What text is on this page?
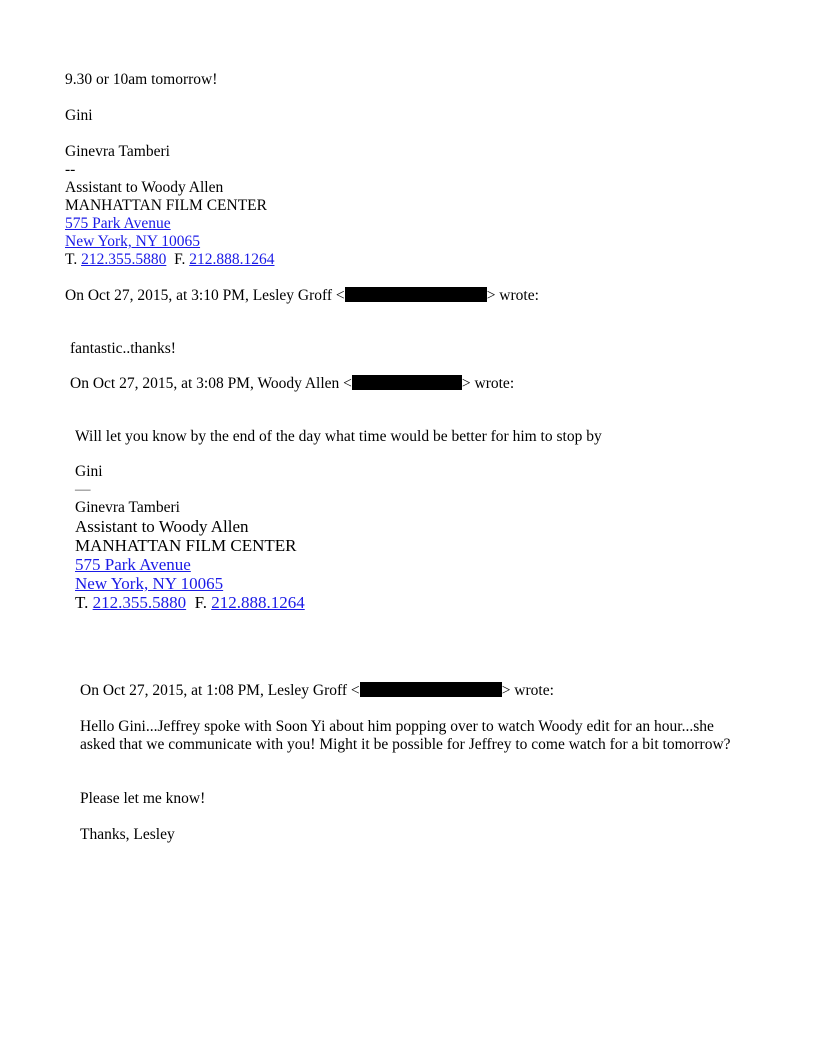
9.30 or 10am tomorrow!
Gini
Ginevra Tamberi
--
Assistant to Woody Allen
MANHATTAN FILM CENTER
575 Park Avenue
New York, NY 10065
T. 212.355.5880 F. 212.888.1264
On Oct 27, 2015, at 3:10 PM, Lesley Groff <	> wrote:
fantastic..thanks!
On Oct 27, 2015, at 3:08 PM, Woody Allen <	> wrote:
Will let you know by the end of the day what time would be better for him to stop by
Gini
—
Ginevra Tamberi
Assistant to Woody Allen
MANHATTAN FILM CENTER
575 Park Avenue
New York, NY 10065
T. 212.355.5880 F. 212.888.1264
On Oct 27, 2015, at 1:08 PM, Lesley Groff <	> wrote:
Hello Gini...Jeffrey spoke with Soon Yi about him popping over to watch Woody edit for an hour...she asked that we communicate with you! Might it be possible for Jeffrey to come watch for a bit tomorrow?
Please let me know!
Thanks, Lesley
